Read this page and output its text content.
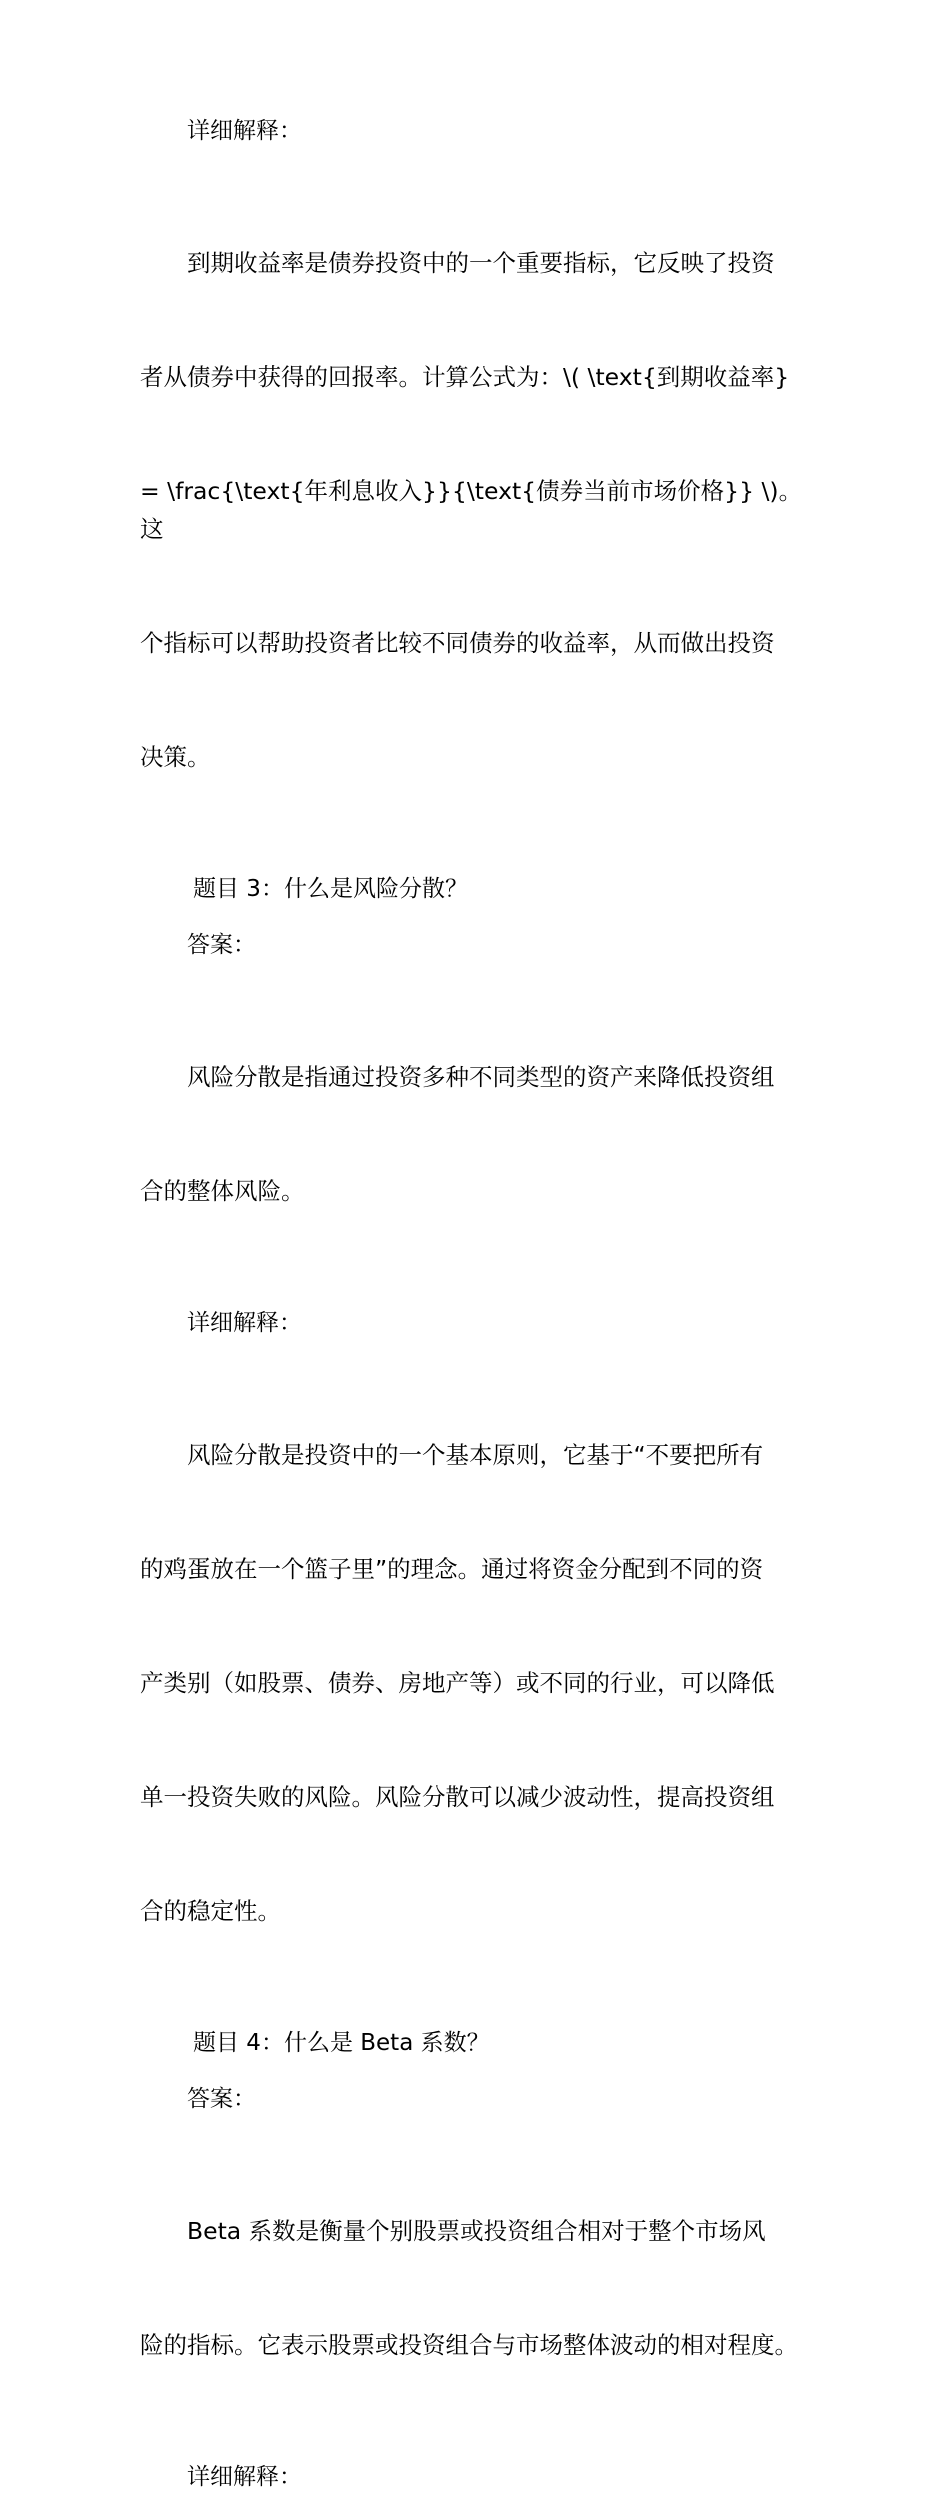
详细解释：

到期收益率是债券投资中的一个重要指标，它反映了投资

者从债券中获得的回报率。计算公式为：\( \text{到期收益率}

= \frac{\text{年利息收入}}{\text{债券当前市场价格}} \)。这

个指标可以帮助投资者比较不同债券的收益率，从而做出投资

决策。

题目 3：什么是风险分散？

答案：

风险分散是指通过投资多种不同类型的资产来降低投资组

合的整体风险。

详细解释：

风险分散是投资中的一个基本原则，它基于“不要把所有

的鸡蛋放在一个篮子里”的理念。通过将资金分配到不同的资

产类别（如股票、债券、房地产等）或不同的行业，可以降低

单一投资失败的风险。风险分散可以减少波动性，提高投资组

合的稳定性。

题目 4：什么是 Beta 系数？

答案：

Beta 系数是衡量个别股票或投资组合相对于整个市场风

险的指标。它表示股票或投资组合与市场整体波动的相对程度。

详细解释：
